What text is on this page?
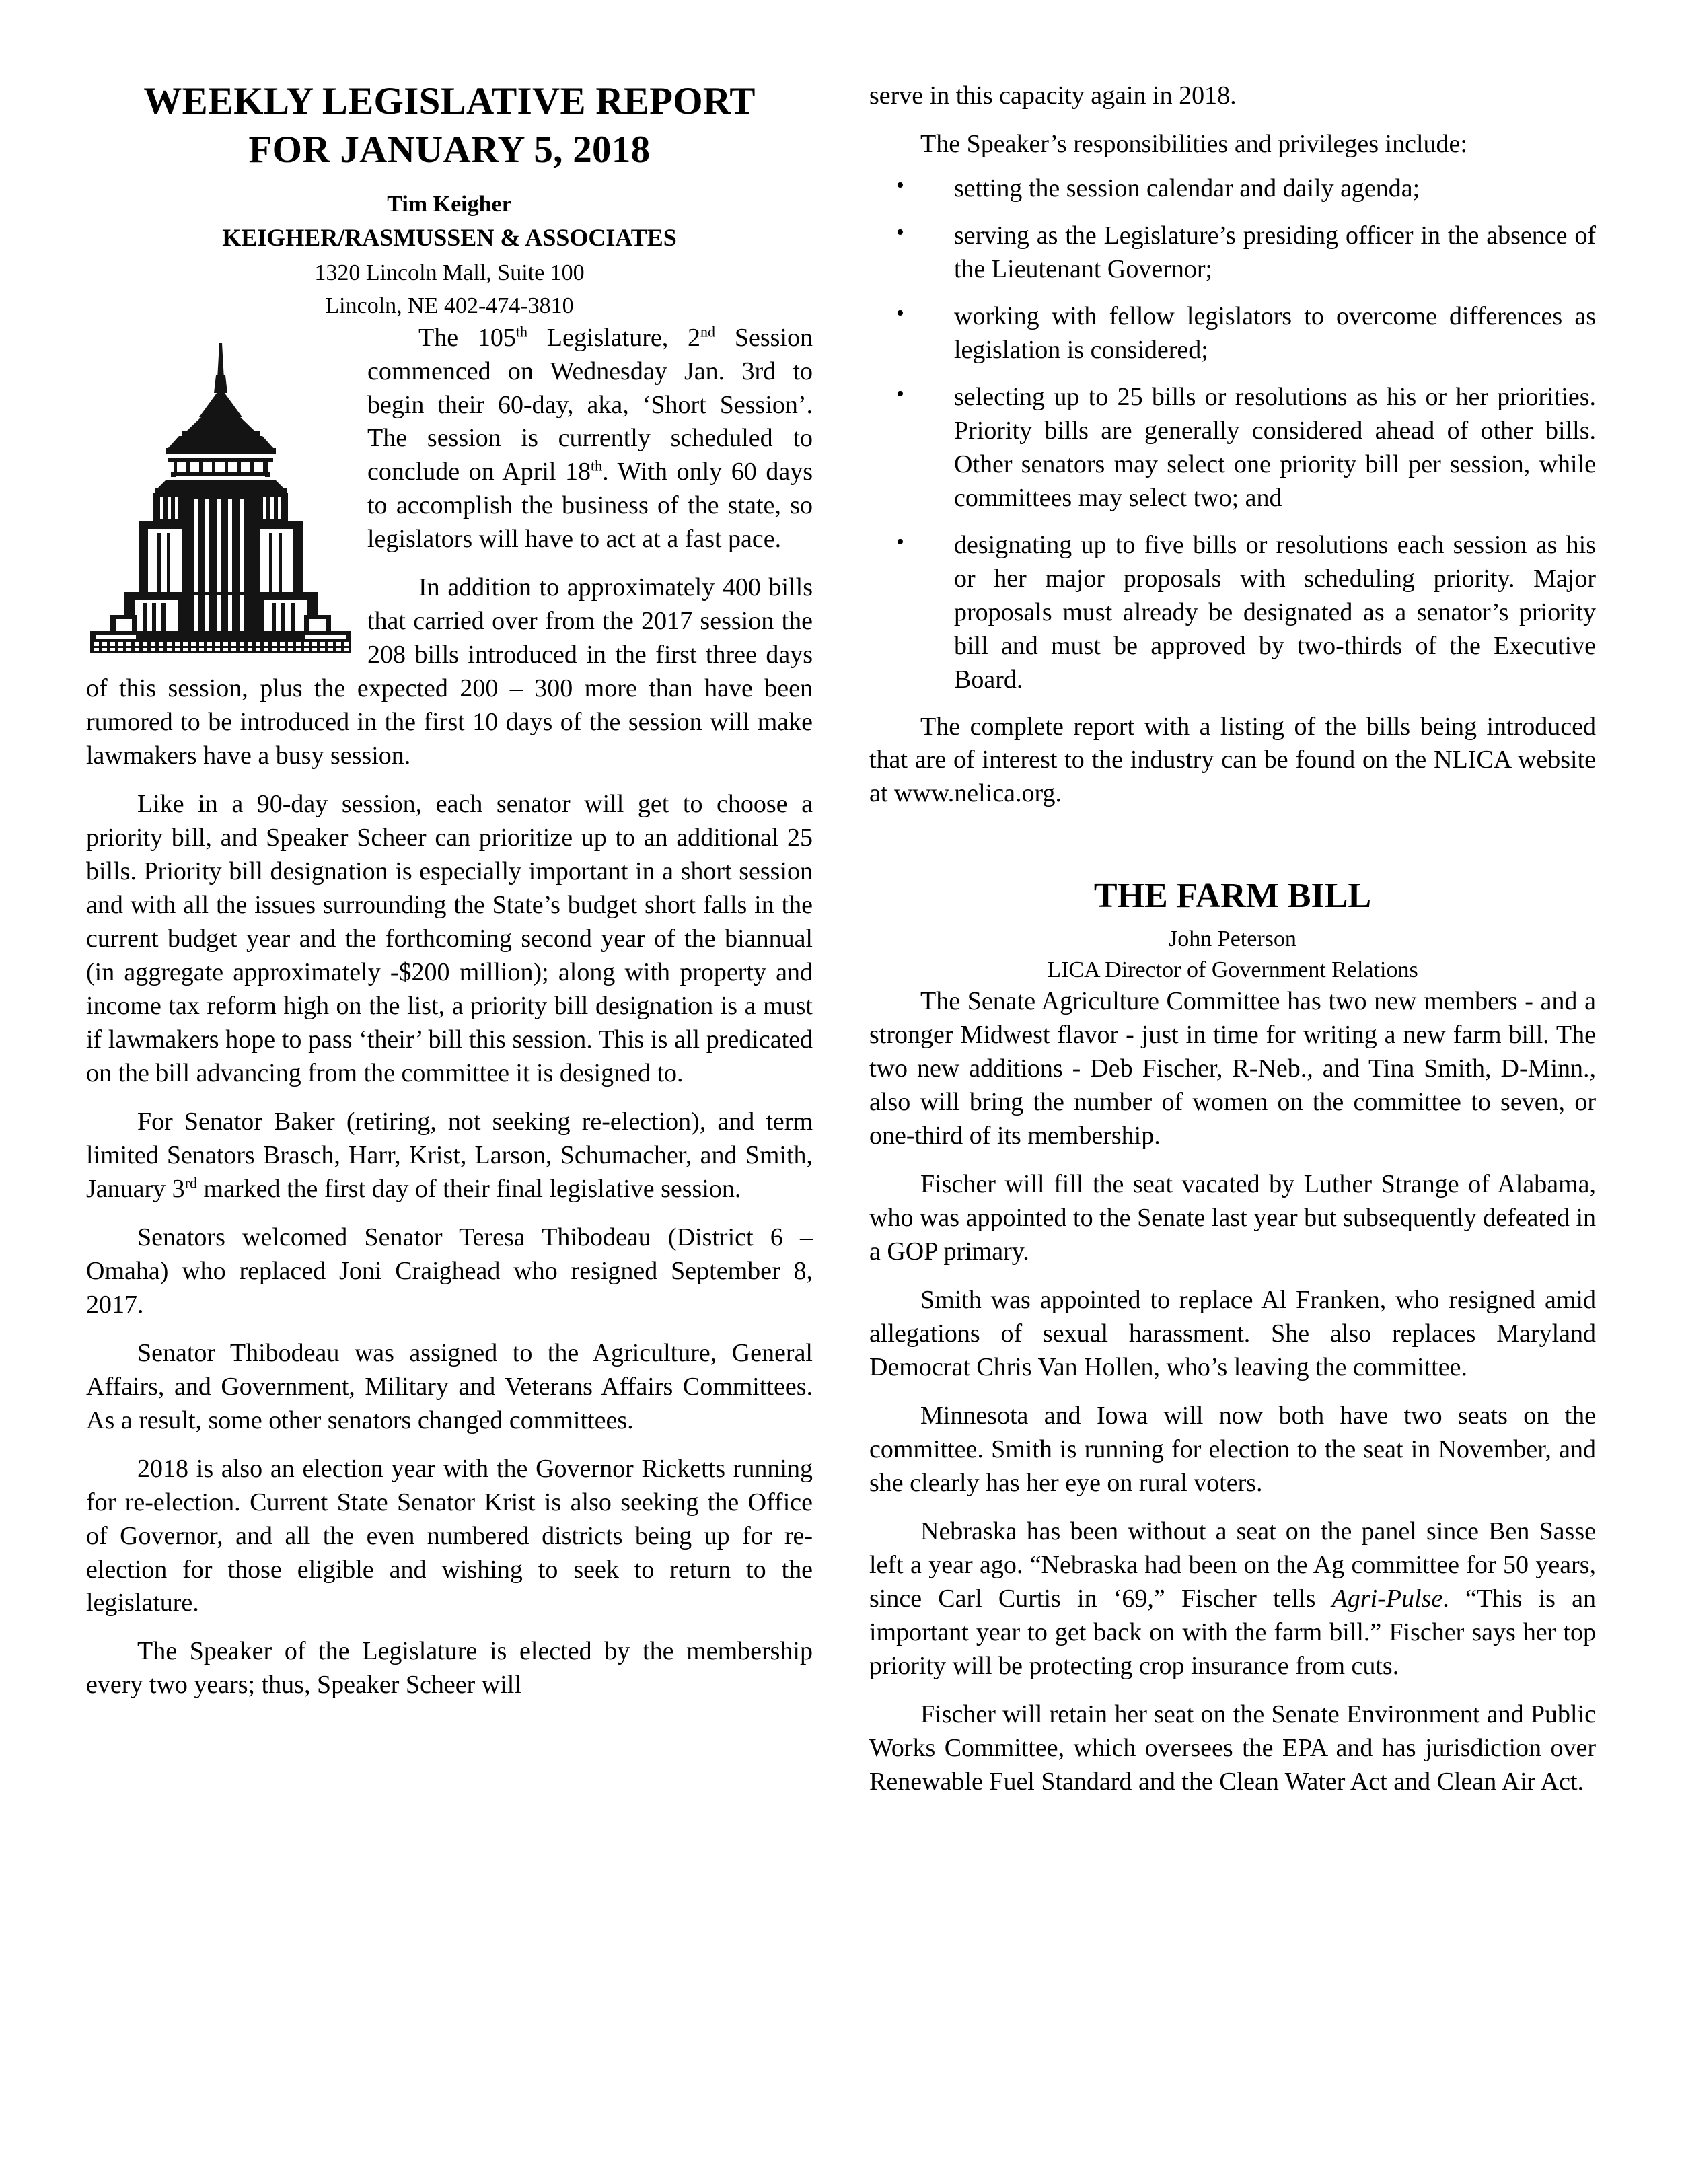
WEEKLY LEGISLATIVE REPORT
FOR JANUARY 5, 2018
Tim Keigher
KEIGHER/RASMUSSEN & ASSOCIATES
1320 Lincoln Mall, Suite 100
Lincoln, NE 402-474-3810

The 105th Legislature, 2nd Session commenced on Wednesday Jan. 3rd to begin their 60-day, aka, ‘Short Session’. The session is currently scheduled to conclude on April 18th. With only 60 days to accomplish the business of the state, so legislators will have to act at a fast pace.

In addition to approximately 400 bills that carried over from the 2017 session the 208 bills introduced in the first three days of this session, plus the expected 200 – 300 more than have been rumored to be introduced in the first 10 days of the session will make lawmakers have a busy session.

Like in a 90-day session, each senator will get to choose a priority bill, and Speaker Scheer can prioritize up to an additional 25 bills. Priority bill designation is especially important in a short session and with all the issues surrounding the State’s budget short falls in the current budget year and the forthcoming second year of the biannual (in aggregate approximately -$200 million); along with property and income tax reform high on the list, a priority bill designation is a must if lawmakers hope to pass ‘their’ bill this session. This is all predicated on the bill advancing from the committee it is designed to.

For Senator Baker (retiring, not seeking re-election), and term limited Senators Brasch, Harr, Krist, Larson, Schumacher, and Smith, January 3rd marked the first day of their final legislative session.

Senators welcomed Senator Teresa Thibodeau (District 6 – Omaha) who replaced Joni Craighead who resigned September 8, 2017.

Senator Thibodeau was assigned to the Agriculture, General Affairs, and Government, Military and Veterans Affairs Committees. As a result, some other senators changed committees.

2018 is also an election year with the Governor Ricketts running for re-election. Current State Senator Krist is also seeking the Office of Governor, and all the even numbered districts being up for re-election for those eligible and wishing to seek to return to the legislature.

The Speaker of the Legislature is elected by the membership every two years; thus, Speaker Scheer will

serve in this capacity again in 2018.

The Speaker’s responsibilities and privileges include:

• setting the session calendar and daily agenda;
• serving as the Legislature’s presiding officer in the absence of the Lieutenant Governor;
• working with fellow legislators to overcome differences as legislation is considered;
• selecting up to 25 bills or resolutions as his or her priorities. Priority bills are generally considered ahead of other bills. Other senators may select one priority bill per session, while committees may select two; and
• designating up to five bills or resolutions each session as his or her major proposals with scheduling priority. Major proposals must already be designated as a senator’s priority bill and must be approved by two-thirds of the Executive Board.

The complete report with a listing of the bills being introduced that are of interest to the industry can be found on the NLICA website at www.nelica.org.

THE FARM BILL
John Peterson
LICA Director of Government Relations

The Senate Agriculture Committee has two new members - and a stronger Midwest flavor - just in time for writing a new farm bill. The two new additions - Deb Fischer, R-Neb., and Tina Smith, D-Minn., also will bring the number of women on the committee to seven, or one-third of its membership.

Fischer will fill the seat vacated by Luther Strange of Alabama, who was appointed to the Senate last year but subsequently defeated in a GOP primary.

Smith was appointed to replace Al Franken, who resigned amid allegations of sexual harassment. She also replaces Maryland Democrat Chris Van Hollen, who’s leaving the committee.

Minnesota and Iowa will now both have two seats on the committee. Smith is running for election to the seat in November, and she clearly has her eye on rural voters.

Nebraska has been without a seat on the panel since Ben Sasse left a year ago. “Nebraska had been on the Ag committee for 50 years, since Carl Curtis in ‘69,” Fischer tells Agri-Pulse. “This is an important year to get back on with the farm bill.” Fischer says her top priority will be protecting crop insurance from cuts.

Fischer will retain her seat on the Senate Environment and Public Works Committee, which oversees the EPA and has jurisdiction over Renewable Fuel Standard and the Clean Water Act and Clean Air Act.
